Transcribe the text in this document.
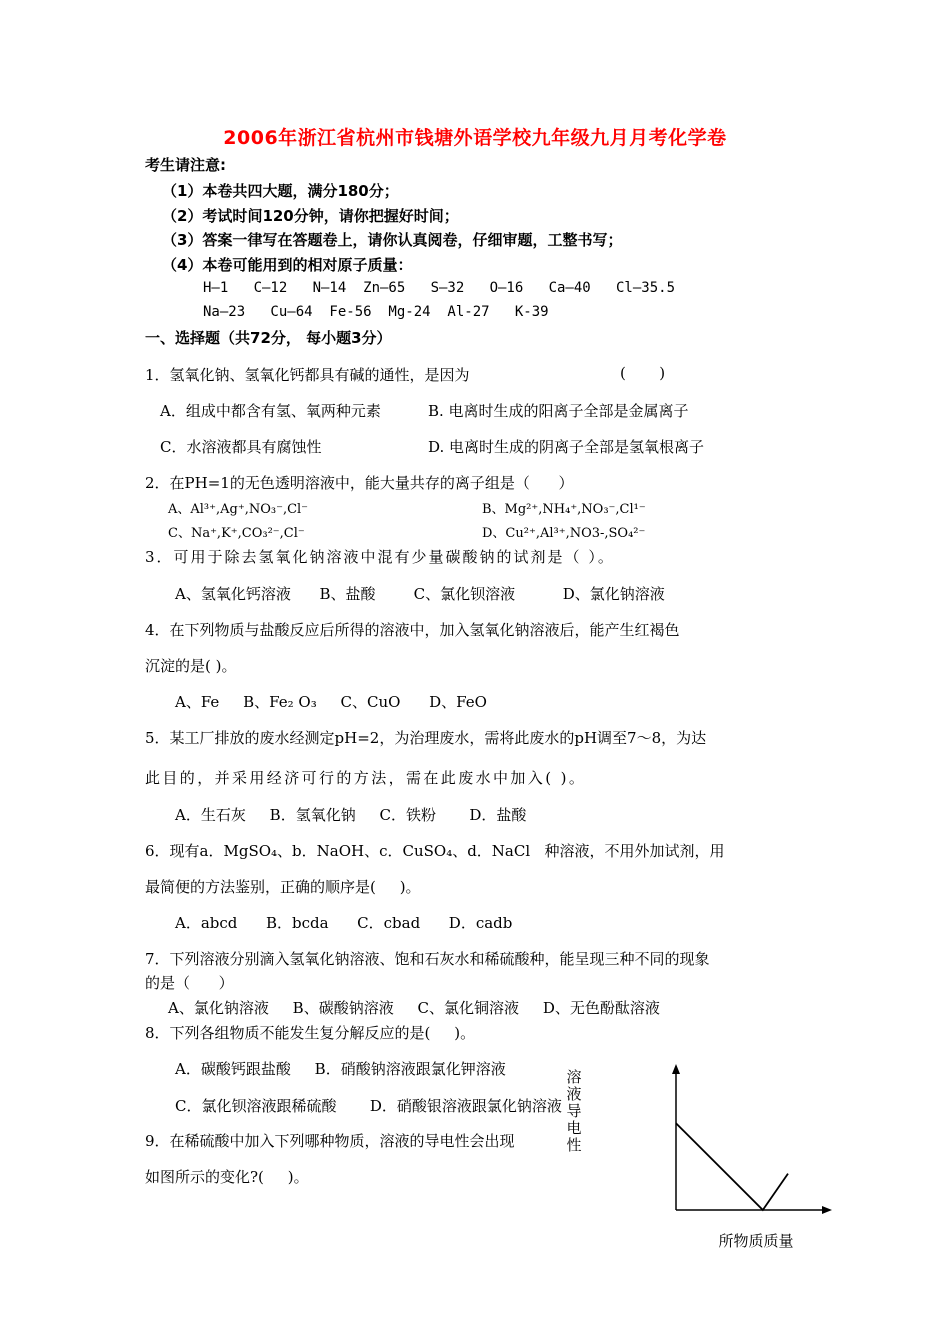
2006年浙江省杭州市钱塘外语学校九年级九月月考化学卷
考生请注意:
（1）本卷共四大题，满分180分；
（2）考试时间120分钟，请你把握好时间；
（3）答案一律写在答题卷上，请你认真阅卷，仔细审题，工整书写；
（4）本卷可能用到的相对原子质量：
H—1   C—12   N—14  Zn—65   S—32   O—16   Ca—40   Cl—35.5
Na—23   Cu—64  Fe-56  Mg-24  Al-27   K-39
一、选择题（共72分， 每小题3分）
1．氢氧化钠、氢氧化钙都具有碱的通性，是因为	(       )
A．组成中都含有氢、氧两种元素	B. 电离时生成的阳离子全部是金属离子
C．水溶液都具有腐蚀性	D. 电离时生成的阴离子全部是氢氧根离子
2．在PH=1的无色透明溶液中，能大量共存的离子组是（      ）
A、Al³⁺,Ag⁺,NO₃⁻,Cl⁻	B、Mg²⁺,NH₄⁺,NO₃⁻,Cl¹⁻
C、Na⁺,K⁺,CO₃²⁻,Cl⁻	D、Cu²⁺,Al³⁺,NO3-,SO₄²⁻
3．可用于除去氢氧化钠溶液中混有少量碳酸钠的试剂是（ ）。
A、氢氧化钙溶液      B、盐酸        C、氯化钡溶液          D、氯化钠溶液
4．在下列物质与盐酸反应后所得的溶液中，加入氢氧化钠溶液后，能产生红褐色
沉淀的是( )。
A、Fe     B、Fe₂ O₃     C、CuO      D、FeO
5．某工厂排放的废水经测定pH=2，为治理废水，需将此废水的pH调至7～8，为达
此目的，并采用经济可行的方法，需在此废水中加入( )。
A．生石灰     B．氢氧化钠     C．铁粉       D．盐酸
6．现有a．MgSO₄、b．NaOH、c．CuSO₄、d．NaCl   种溶液，不用外加试剂，用
最简便的方法鉴别，正确的顺序是(     )。
A．abcd      B．bcda      C．cbad      D．cadb
7．下列溶液分别滴入氢氧化钠溶液、饱和石灰水和稀硫酸种，能呈现三种不同的现象
的是（      ）
A、氯化钠溶液     B、碳酸钠溶液     C、氯化铜溶液     D、无色酚酞溶液
8．下列各组物质不能发生复分解反应的是(     )。
A．碳酸钙跟盐酸     B．硝酸钠溶液跟氯化钾溶液
C．氯化钡溶液跟稀硫酸       D．硝酸银溶液跟氯化钠溶液
9．在稀硫酸中加入下列哪种物质，溶液的导电性会出现
如图所示的变化?(     )。
溶
液
导
电
性
所物质质量
